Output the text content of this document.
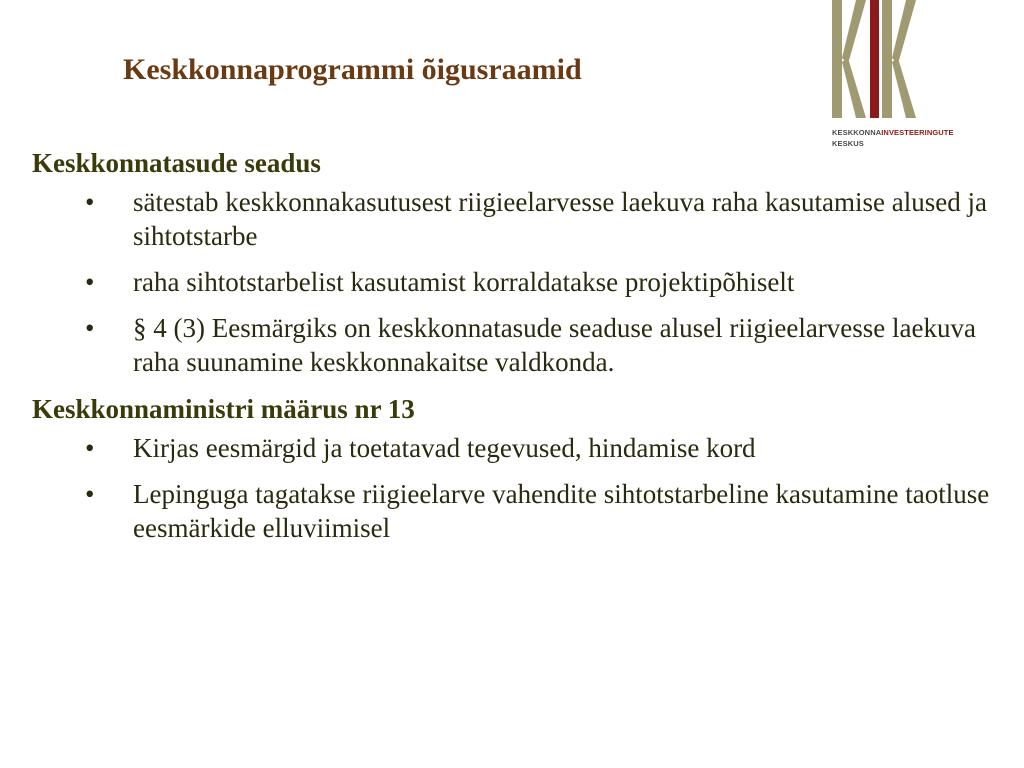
Keskkonnaprogrammi õigusraamid
KESKKONNAINVESTEERINGUTE
KESKUS
Keskkonnatasude seadus
• sätestab keskkonnakasutusest riigieelarvesse laekuva raha kasutamise alused ja sihtotstarbe
• raha sihtotstarbelist kasutamist korraldatakse projektipõhiselt
• § 4 (3) Eesmärgiks on keskkonnatasude seaduse alusel riigieelarvesse laekuva raha suunamine keskkonnakaitse valdkonda.
Keskkonnaministri määrus nr 13
• Kirjas eesmärgid ja toetatavad tegevused, hindamise kord
• Lepinguga tagatakse riigieelarve vahendite sihtotstarbeline kasutamine taotluse eesmärkide elluviimisel
